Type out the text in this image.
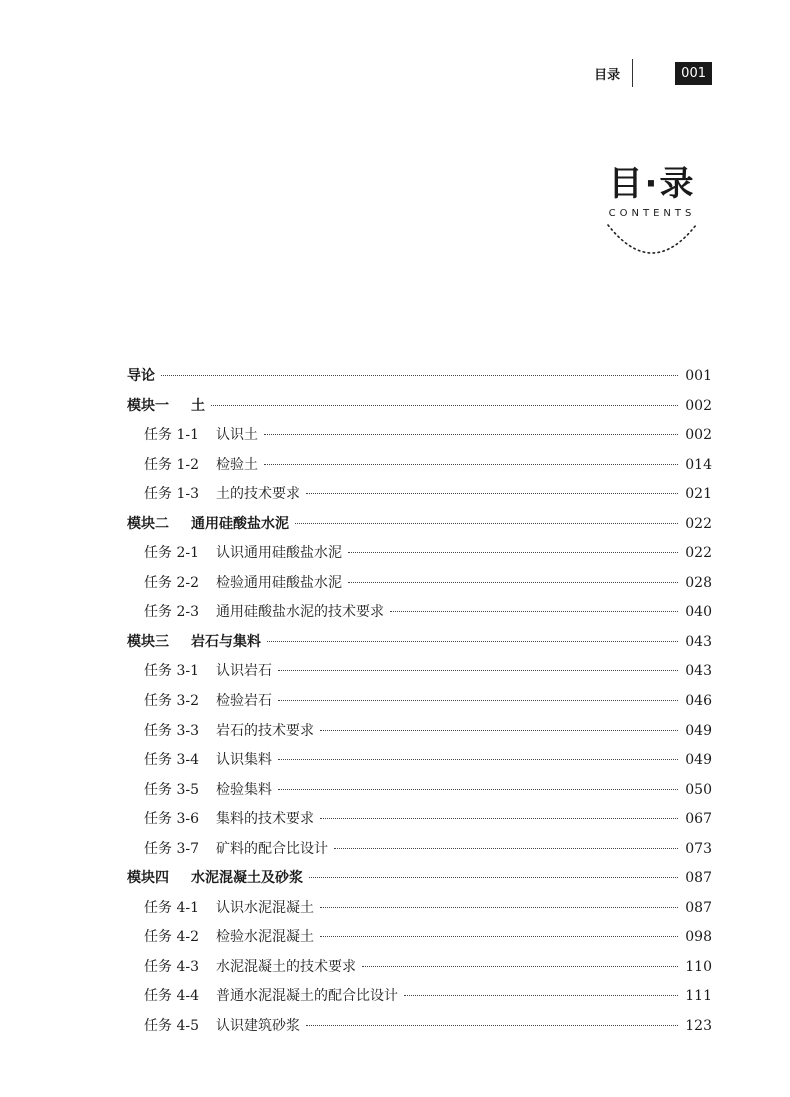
目录	001
目·录
CONTENTS
导论	001
模块一 土	002
任务 1-1	认识土	002
任务 1-2	检验土	014
任务 1-3	土的技术要求	021
模块二 通用硅酸盐水泥	022
任务 2-1	认识通用硅酸盐水泥	022
任务 2-2	检验通用硅酸盐水泥	028
任务 2-3	通用硅酸盐水泥的技术要求	040
模块三 岩石与集料	043
任务 3-1	认识岩石	043
任务 3-2	检验岩石	046
任务 3-3	岩石的技术要求	049
任务 3-4	认识集料	049
任务 3-5	检验集料	050
任务 3-6	集料的技术要求	067
任务 3-7	矿料的配合比设计	073
模块四 水泥混凝土及砂浆	087
任务 4-1	认识水泥混凝土	087
任务 4-2	检验水泥混凝土	098
任务 4-3	水泥混凝土的技术要求	110
任务 4-4	普通水泥混凝土的配合比设计	111
任务 4-5	认识建筑砂浆	123
